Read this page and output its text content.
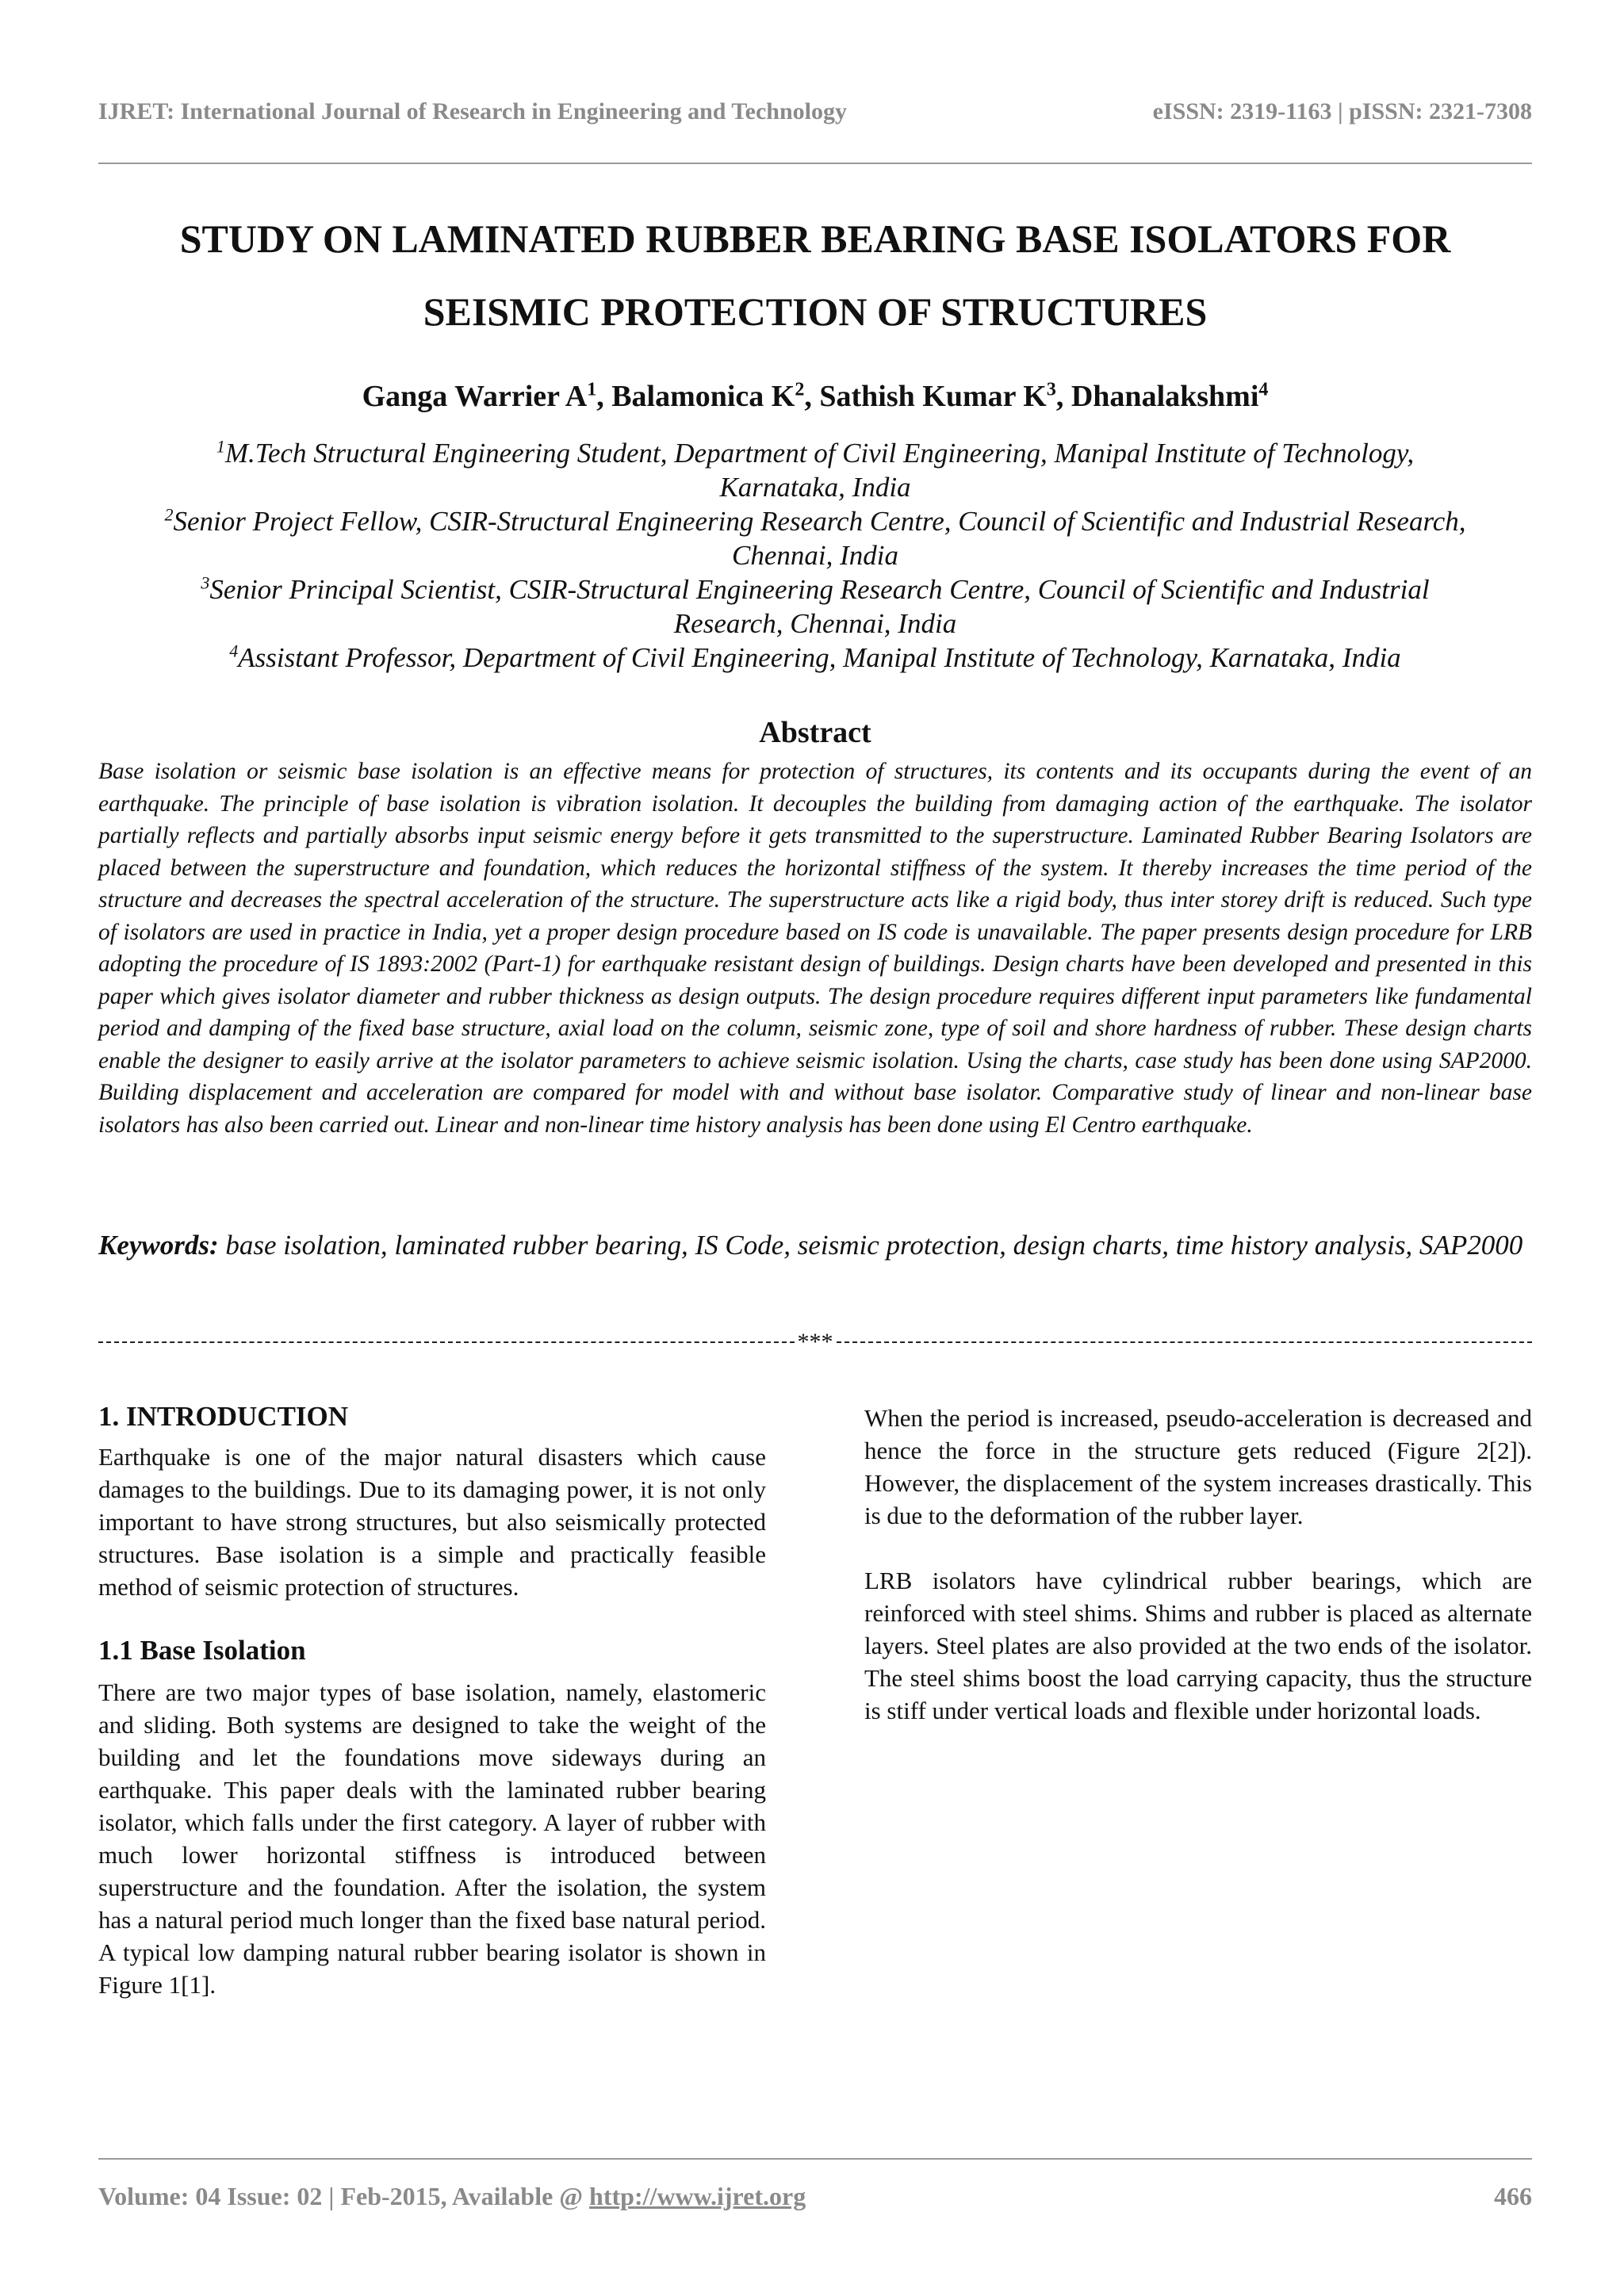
IJRET: International Journal of Research in Engineering and Technology	eISSN: 2319-1163 | pISSN: 2321-7308
STUDY ON LAMINATED RUBBER BEARING BASE ISOLATORS FOR
SEISMIC PROTECTION OF STRUCTURES
Ganga Warrier $A^1$, Balamonica $K^2$, Sathish Kumar $K^3$, Dhanalakshmi$^4$
$^1$M.Tech Structural Engineering Student, Department of Civil Engineering, Manipal Institute of Technology,
Karnataka, India
$^2$Senior Project Fellow, CSIR-Structural Engineering Research Centre, Council of Scientific and Industrial Research,
Chennai, India
$^3$Senior Principal Scientist, CSIR-Structural Engineering Research Centre, Council of Scientific and Industrial
Research, Chennai, India
$^4$Assistant Professor, Department of Civil Engineering, Manipal Institute of Technology, Karnataka, India
Abstract
Base isolation or seismic base isolation is an effective means for protection of structures, its contents and its occupants during the event of an earthquake. The principle of base isolation is vibration isolation. It decouples the building from damaging action of the earthquake. The isolator partially reflects and partially absorbs input seismic energy before it gets transmitted to the superstructure. Laminated Rubber Bearing Isolators are placed between the superstructure and foundation, which reduces the horizontal stiffness of the system. It thereby increases the time period of the structure and decreases the spectral acceleration of the structure. The superstructure acts like a rigid body, thus inter storey drift is reduced. Such type of isolators are used in practice in India, yet a proper design procedure based on IS code is unavailable. The paper presents design procedure for LRB adopting the procedure of IS 1893:2002 (Part-1) for earthquake resistant design of buildings. Design charts have been developed and presented in this paper which gives isolator diameter and rubber thickness as design outputs. The design procedure requires different input parameters like fundamental period and damping of the fixed base structure, axial load on the column, seismic zone, type of soil and shore hardness of rubber. These design charts enable the designer to easily arrive at the isolator parameters to achieve seismic isolation. Using the charts, case study has been done using SAP2000. Building displacement and acceleration are compared for model with and without base isolator. Comparative study of linear and non-linear base isolators has also been carried out. Linear and non-linear time history analysis has been done using El Centro earthquake.
Keywords: base isolation, laminated rubber bearing, IS Code, seismic protection, design charts, time history analysis, SAP2000
***
1. INTRODUCTION

Earthquake is one of the major natural disasters which cause damages to the buildings. Due to its damaging power, it is not only important to have strong structures, but also seismically protected structures. Base isolation is a simple and practically feasible method of seismic protection of structures.

1.1 Base Isolation

There are two major types of base isolation, namely, elastomeric and sliding. Both systems are designed to take the weight of the building and let the foundations move sideways during an earthquake. This paper deals with the laminated rubber bearing isolator, which falls under the first category. A layer of rubber with much lower horizontal stiffness is introduced between superstructure and the foundation. After the isolation, the system has a natural period much longer than the fixed base natural period. A typical low damping natural rubber bearing isolator is shown in Figure 1[1].

When the period is increased, pseudo-acceleration is decreased and hence the force in the structure gets reduced (Figure 2[2]). However, the displacement of the system increases drastically. This is due to the deformation of the rubber layer.

LRB isolators have cylindrical rubber bearings, which are reinforced with steel shims. Shims and rubber is placed as alternate layers. Steel plates are also provided at the two ends of the isolator. The steel shims boost the load carrying capacity, thus the structure is stiff under vertical loads and flexible under horizontal loads.

Volume: 04 Issue: 02 | Feb-2015, Available @ http://www.ijret.org	466
